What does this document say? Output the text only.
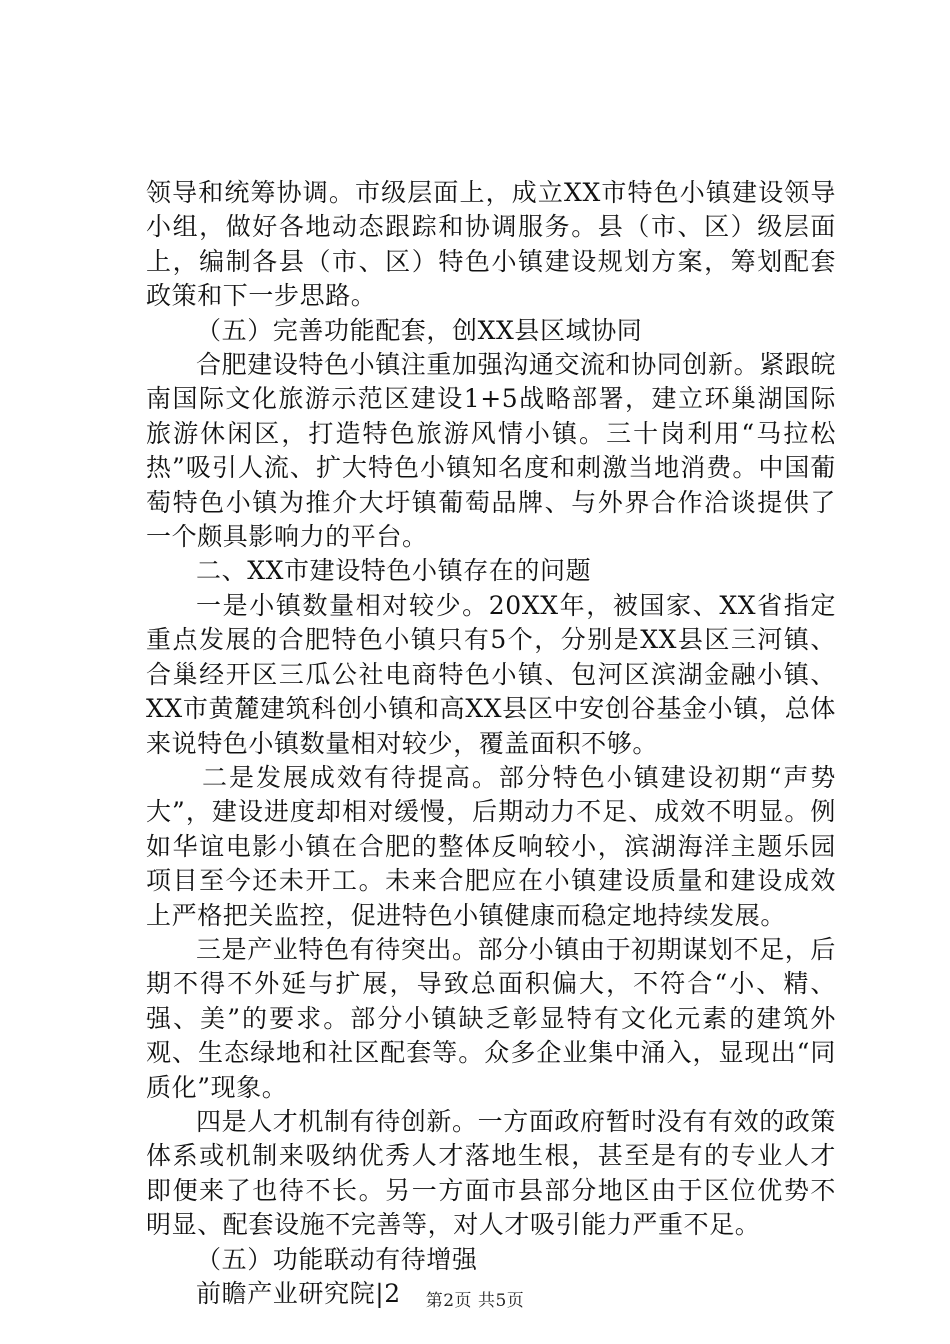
领导和统筹协调。市级层面上，成立XX市特色小镇建设领导小组，做好各地动态跟踪和协调服务。县（市、区）级层面上，编制各县（市、区）特色小镇建设规划方案，筹划配套政策和下一步思路。

（五）完善功能配套，创XX县区域协同

合肥建设特色小镇注重加强沟通交流和协同创新。紧跟皖南国际文化旅游示范区建设1+5战略部署，建立环巢湖国际旅游休闲区，打造特色旅游风情小镇。三十岗利用“马拉松热”吸引人流、扩大特色小镇知名度和刺激当地消费。中国葡萄特色小镇为推介大圩镇葡萄品牌、与外界合作洽谈提供了一个颇具影响力的平台。

二、XX市建设特色小镇存在的问题

一是小镇数量相对较少。20XX年，被国家、XX省指定重点发展的合肥特色小镇只有5个，分别是XX县区三河镇、合巢经开区三瓜公社电商特色小镇、包河区滨湖金融小镇、XX市黄麓建筑科创小镇和高XX县区中安创谷基金小镇，总体来说特色小镇数量相对较少，覆盖面积不够。

二是发展成效有待提高。部分特色小镇建设初期“声势大”，建设进度却相对缓慢，后期动力不足、成效不明显。例如华谊电影小镇在合肥的整体反响较小，滨湖海洋主题乐园项目至今还未开工。未来合肥应在小镇建设质量和建设成效上严格把关监控，促进特色小镇健康而稳定地持续发展。

三是产业特色有待突出。部分小镇由于初期谋划不足，后期不得不外延与扩展，导致总面积偏大，不符合“小、精、强、美”的要求。部分小镇缺乏彰显特有文化元素的建筑外观、生态绿地和社区配套等。众多企业集中涌入，显现出“同质化”现象。

四是人才机制有待创新。一方面政府暂时没有有效的政策体系或机制来吸纳优秀人才落地生根，甚至是有的专业人才即便来了也待不长。另一方面市县部分地区由于区位优势不明显、配套设施不完善等，对人才吸引能力严重不足。

（五）功能联动有待增强

前瞻产业研究院|2	第2页 共5页
